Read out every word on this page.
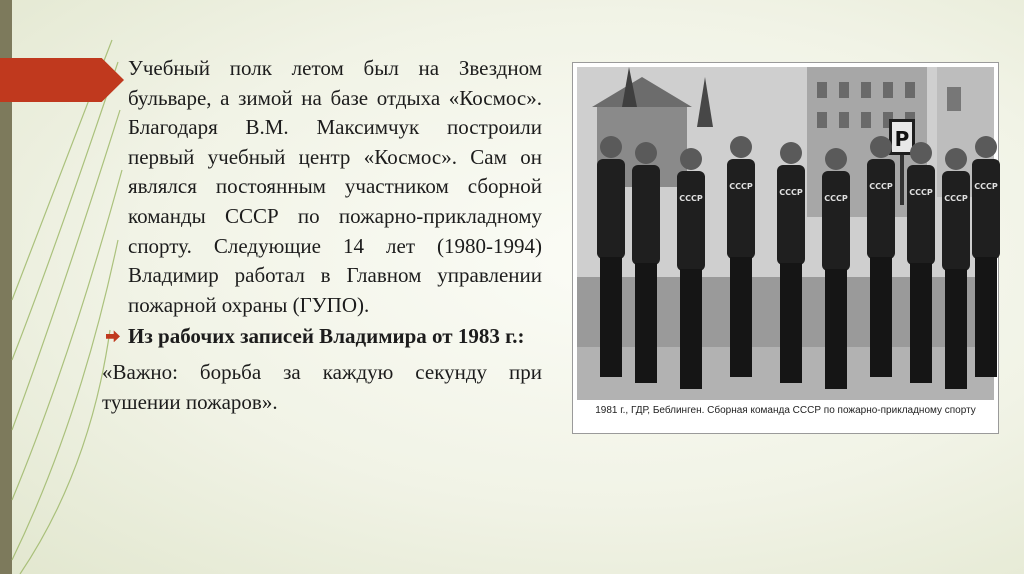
Учебный полк летом был на Звездном бульваре, а зимой на базе отдыха «Космос». Благодаря В.М. Максимчук построили первый учебный центр «Космос». Сам он являлся постоянным участником сборной команды СССР по пожарно-прикладному спорту. Следующие 14 лет (1980-1994) Владимир работал в Главном управлении пожарной охраны (ГУПО).

Из рабочих записей Владимира от 1983 г.:

«Важно: борьба за каждую секунду при тушении пожаров».

P
СССР
СССР
СССР
СССР
СССР
СССР
СССР
СССР
1981 г., ГДР, Беблинген. Сборная команда СССР по пожарно-прикладному спорту
